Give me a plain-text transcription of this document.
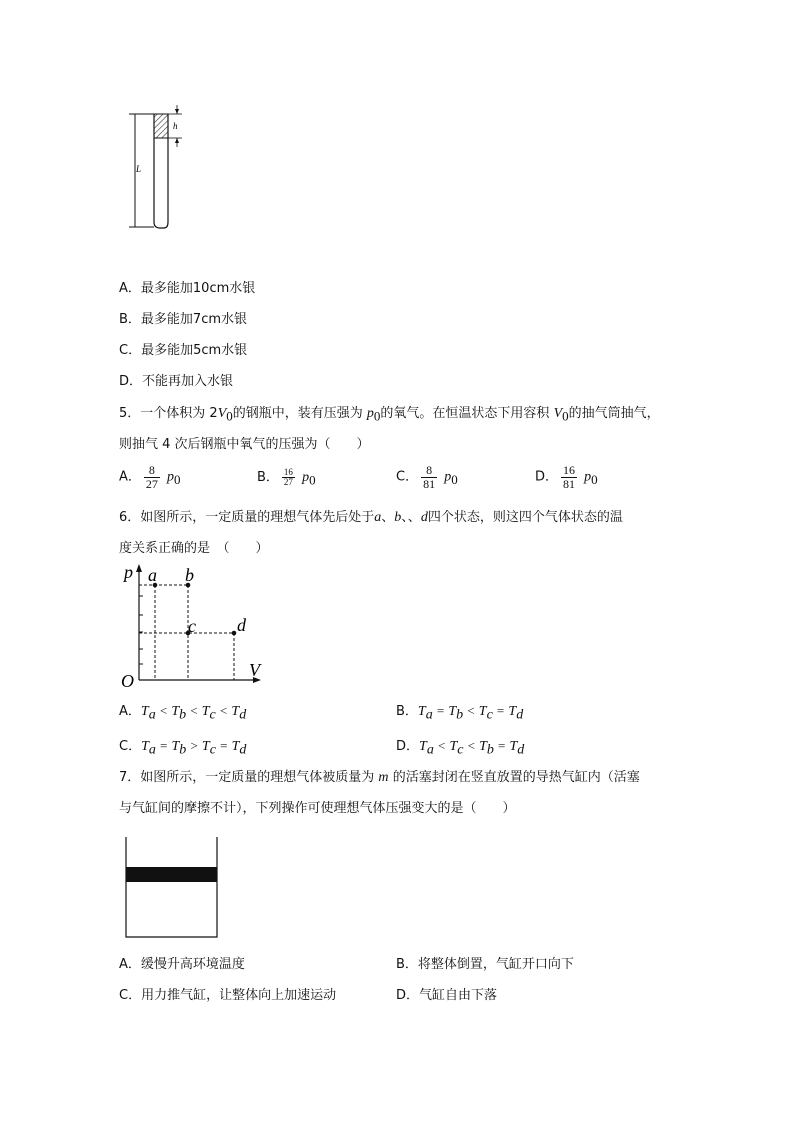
L
h
A．最多能加10cm水银
B．最多能加7cm水银
C．最多能加5cm水银
D．不能再加入水银
5．一个体积为 $2V_0$的钢瓶中，装有压强为 $p_0$的氧气。在恒温状态下用容积 $V_0$的抽气筒抽气，
则抽气 4 次后钢瓶中氧气的压强为（　　）
A． $\frac{8}{27} p_0$	B． $\frac{16}{27} p_0$	C． $\frac{8}{81} p_0$	D． $\frac{16}{81} p_0$
6．如图所示，一定质量的理想气体先后处于a、b、、d四个状态，则这四个气体状态的温
度关系正确的是　（　　）
p a b
c d
V
O
A．$T_a < T_b < T_c < T_d$	B．$T_a = T_b < T_c = T_d$
C．$T_a = T_b > T_c = T_d$	D．$T_a < T_c < T_b = T_d$
7．如图所示，一定质量的理想气体被质量为 m 的活塞封闭在竖直放置的导热气缸内（活塞
与气缸间的摩擦不计），下列操作可使理想气体压强变大的是（　　）
A．缓慢升高环境温度	B．将整体倒置，气缸开口向下
C．用力推气缸，让整体向上加速运动	D．气缸自由下落
